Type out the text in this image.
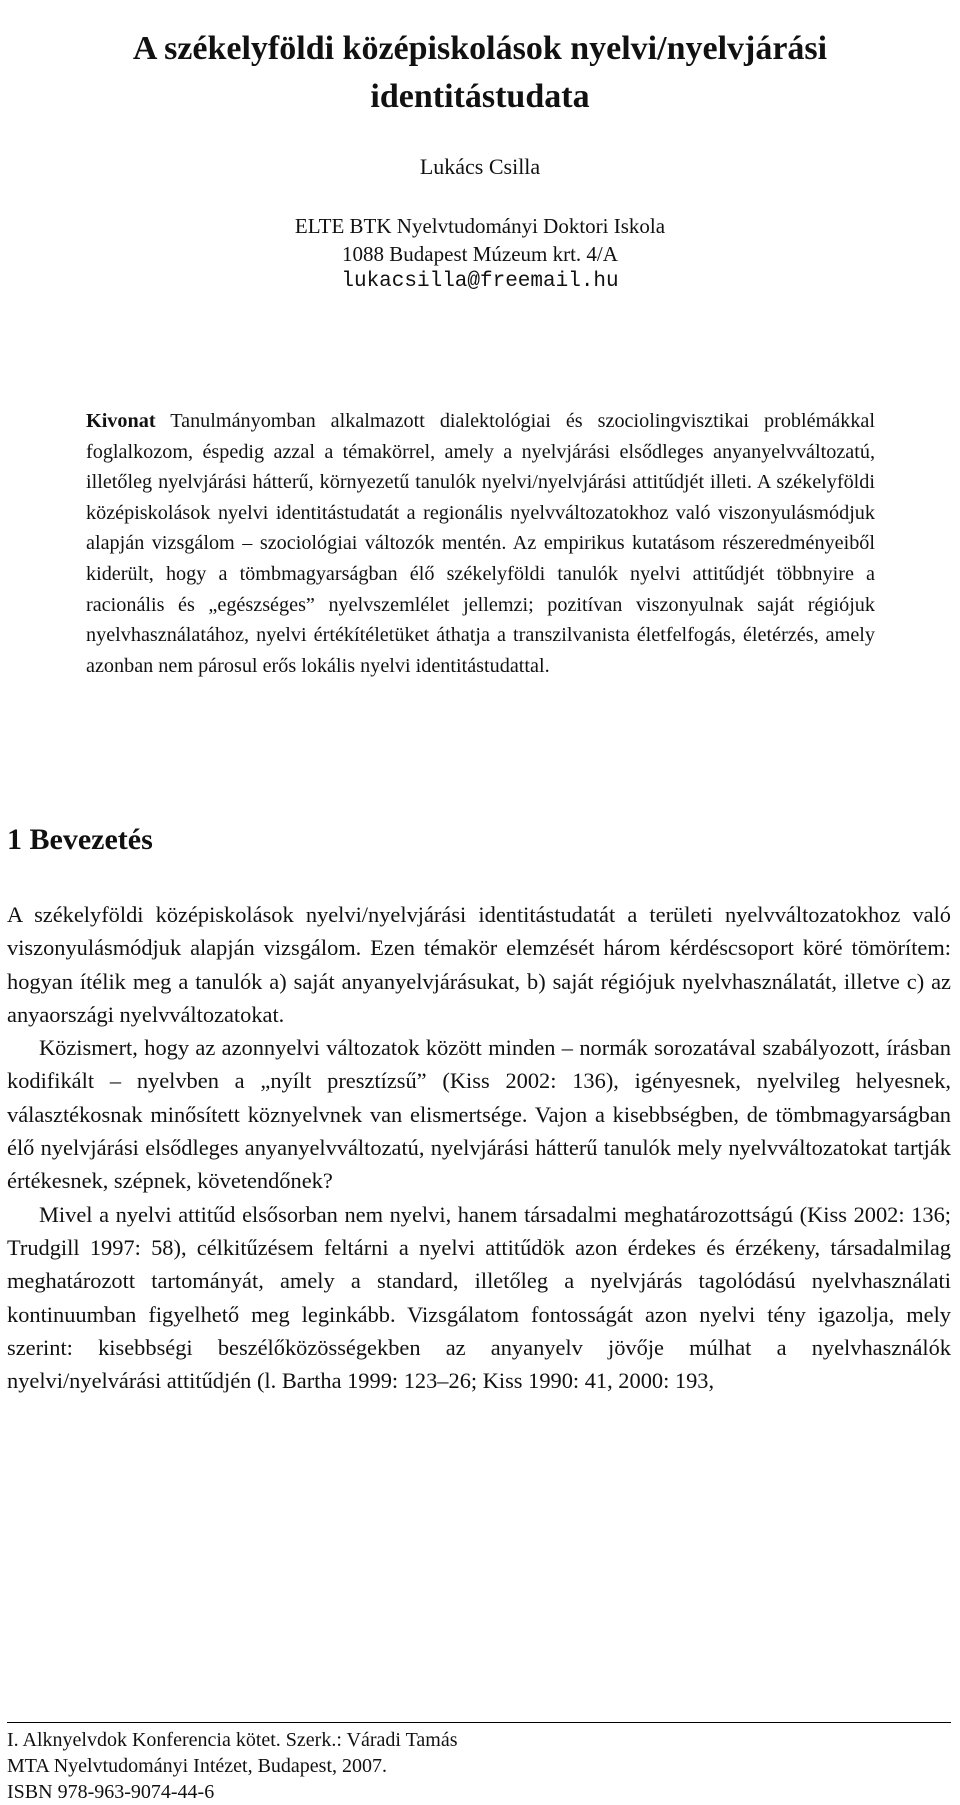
A székelyföldi középiskolások nyelvi/nyelvjárási identitástudata
Lukács Csilla
ELTE BTK Nyelvtudományi Doktori Iskola
1088 Budapest Múzeum krt. 4/A
lukacsilla@freemail.hu

Kivonat Tanulmányomban alkalmazott dialektológiai és szociolingvisztikai problémákkal foglalkozom, éspedig azzal a témakörrel, amely a nyelvjárási elsődleges anyanyelvváltozatú, illetőleg nyelvjárási hátterű, környezetű tanulók nyelvi/nyelvjárási attitűdjét illeti. A székelyföldi középiskolások nyelvi identitástudatát a regionális nyelvváltozatokhoz való viszonyulásmódjuk alapján vizsgálom – szociológiai változók mentén. Az empirikus kutatásom részeredményeiből kiderült, hogy a tömbmagyarságban élő székelyföldi tanulók nyelvi attitűdjét többnyire a racionális és „egészséges” nyelvszemlélet jellemzi; pozitívan viszonyulnak saját régiójuk nyelvhasználatához, nyelvi értékítéletüket áthatja a transzilvanista életfelfogás, életérzés, amely azonban nem párosul erős lokális nyelvi identitástudattal.

1 Bevezetés

A székelyföldi középiskolások nyelvi/nyelvjárási identitástudatát a területi nyelvváltozatokhoz való viszonyulásmódjuk alapján vizsgálom. Ezen témakör elemzését három kérdéscsoport köré tömörítem: hogyan ítélik meg a tanulók a) saját anyanyelvjárásukat, b) saját régiójuk nyelvhasználatát, illetve c) az anyaországi nyelvváltozatokat.

Közismert, hogy az azonnyelvi változatok között minden – normák sorozatával szabályozott, írásban kodifikált – nyelvben a „nyílt presztízsű” (Kiss 2002: 136), igényesnek, nyelvileg helyesnek, választékosnak minősített köznyelvnek van elismertsége. Vajon a kisebbségben, de tömbmagyarságban élő nyelvjárási elsődleges anyanyelvváltozatú, nyelvjárási hátterű tanulók mely nyelvváltozatokat tartják értékesnek, szépnek, követendőnek?

Mivel a nyelvi attitűd elsősorban nem nyelvi, hanem társadalmi meghatározottságú (Kiss 2002: 136; Trudgill 1997: 58), célkitűzésem feltárni a nyelvi attitűdök azon érdekes és érzékeny, társadalmilag meghatározott tartományát, amely a standard, illetőleg a nyelvjárás tagolódású nyelvhasználati kontinuumban figyelhető meg leginkább. Vizsgálatom fontosságát azon nyelvi tény igazolja, mely szerint: kisebbségi beszélőközösségekben az anyanyelv jövője múlhat a nyelvhasználók nyelvi/nyelvárási attitűdjén (l. Bartha 1999: 123–26; Kiss 1990: 41, 2000: 193,

I. Alknyelvdok Konferencia kötet. Szerk.: Váradi Tamás
MTA Nyelvtudományi Intézet, Budapest, 2007.
ISBN 978-963-9074-44-6
